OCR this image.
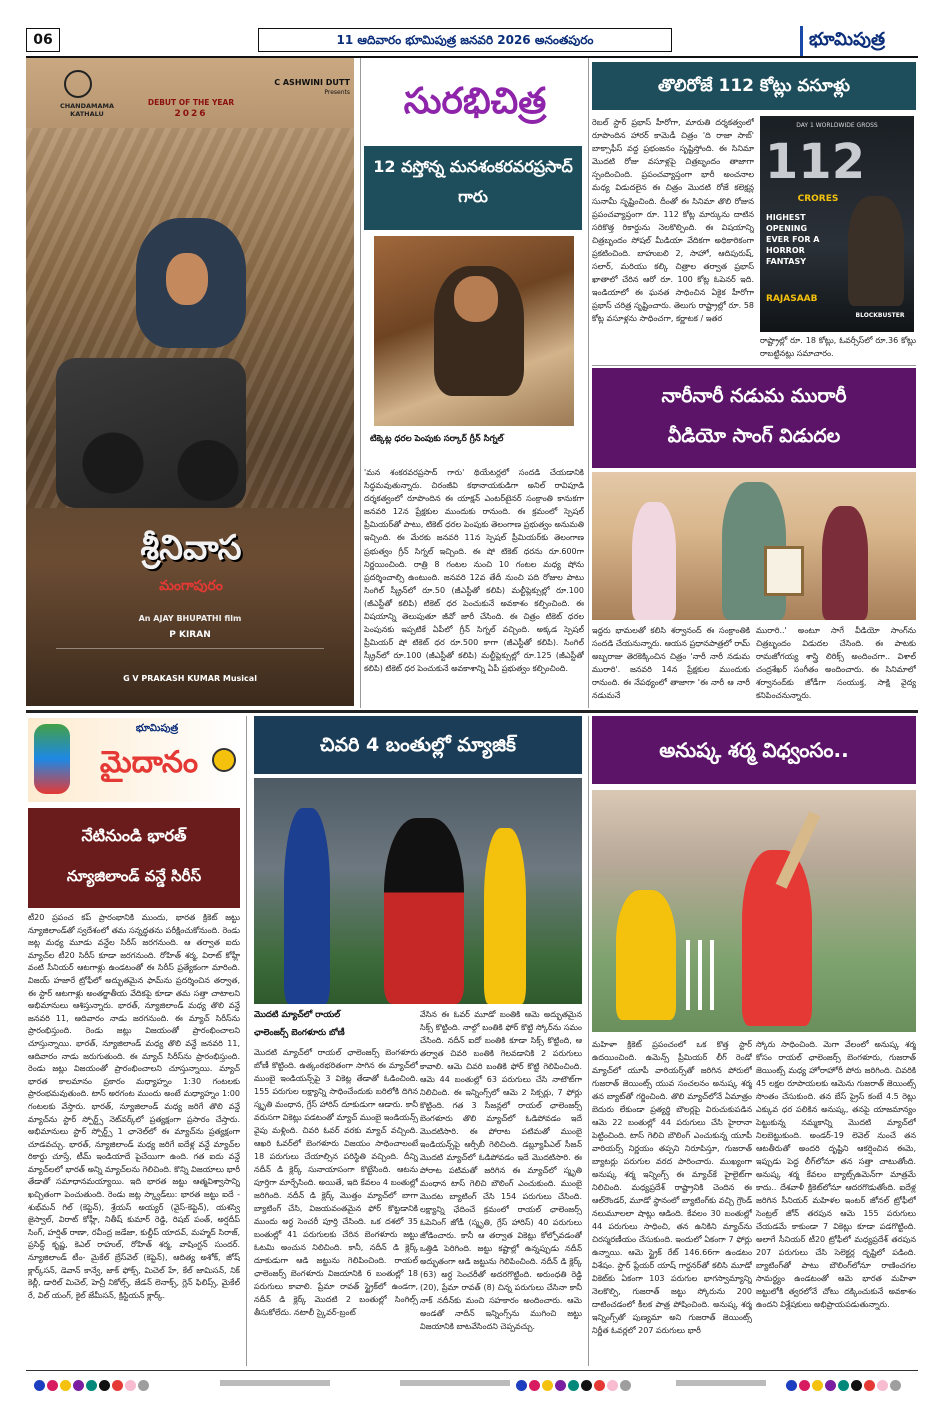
06	11 ఆదివారం భూమిపుత్ర జనవరి 2026 అనంతపురం	భూమిపుత్ర
CHANDAMAMA KATHALU
C ASHWINI DUTT
Presents
DEBUT OF THE YEAR
2026
శ్రీనివాస
మంగాపురం
An AJAY BHUPATHI film
P KIRAN
G V PRAKASH KUMAR Musical
సురభిచిత్ర
12 వస్తోన్న మనశంకరవరప్రసాద్ గారు
టిక్కెట్ల ధరల పెంపుకు సర్కార్ గ్రీన్ సిగ్నల్
'మన శంకరవరప్రసాద్ గారు' థియేటర్లలో సందడి చేయడానికి సిద్ధమవుతున్నారు. చిరంజీవి కథానాయకుడిగా అనిల్ రావిపూడి దర్శకత్వంలో రూపొందిన ఈ యాక్షన్ ఎంటర్‌టైనర్ సంక్రాంతి కానుకగా జనవరి 12న ప్రేక్షకుల ముందుకు రానుంది. ఈ క్రమంలో స్పెషల్ ప్రీమియర్‌తో పాటు, టికెట్ ధరల పెంపుకు తెలంగాణ ప్రభుత్వం అనుమతి ఇచ్చింది. ఈ మేరకు జనవరి 11న స్పెషల్ ప్రీమియర్‌కు తెలంగాణ ప్రభుత్వం గ్రీన్ సిగ్నల్ ఇచ్చింది. ఈ షో టికెట్ ధరను రూ.600గా నిర్ణయించింది. రాత్రి 8 గంటల నుంచి 10 గంటల మధ్య షోను ప్రదర్శించాల్సి ఉంటుంది. జనవరి 12వ తేదీ నుంచి పది రోజుల పాటు సింగిల్ స్క్రీన్‌లో రూ.50 (జీఎస్టీతో కలిపి) మల్టీప్లెక్సుల్లో రూ.100 (జీఎస్టీతో కలిపి) టికెట్ ధర పెంచుకునే అవకాశం కల్పించింది. ఈ విషయాన్ని తెలుపుతూ జీవో జారీ చేసింది. ఈ చిత్రం టికెట్ ధరల పెంపునకు ఇప్పటికే ఏపీలో గ్రీన్ సిగ్నల్ వచ్చింది. అక్కడ స్పెషల్ ప్రీమియర్ షో టికెట్ ధర రూ.500 కాగా (జీఎస్టీతో కలిపి). సింగిల్ స్క్రీన్‌లో రూ.100 (జీఎస్టీతో కలిపి) మల్టీప్లెక్సుల్లో రూ.125 (జీఎస్టీతో కలిపి) టికెట్ ధర పెంచుకునే అవకాశాన్ని ఏపీ ప్రభుత్వం కల్పించింది.
తొలిరోజే 112 కోట్లు వసూళ్లు
రెబల్ స్టార్ ప్రభాస్ హీరోగా, మారుతి దర్శకత్వంలో రూపొందిన హారర్ కామెడీ చిత్రం 'ది రాజా సాబ్' బాక్సాఫీస్ వద్ద ప్రభంజనం సృష్టిస్తోంది. ఈ సినిమా మొదటి రోజు వసూళ్లపై చిత్రబృందం తాజాగా స్పందించింది. ప్రపంచవ్యాప్తంగా భారీ అంచనాల మధ్య విడుదలైన ఈ చిత్రం మొదటి రోజే కలెక్షన్ల సునామీ సృష్టించింది. దీంతో ఈ సినిమా తొలి రోజున ప్రపంచవ్యాప్తంగా రూ. 112 కోట్ల మార్కును దాటిన సరికొత్త రికార్డును నెలకొల్పింది. ఈ విషయాన్ని చిత్రబృందం సోషల్ మీడియా వేదికగా అధికారికంగా ప్రకటించింది. బాహుబలి 2, సాహో, ఆదిపురుష్, సలార్, మరియు కల్కి చిత్రాల తర్వాత ప్రభాస్ ఖాతాలో చేరిన ఆరో రూ. 100 కోట్ల ఓపెనర్ ఇది. ఇండియాలో ఈ ఘనత సాధించిన ఏకైక హీరోగా ప్రభాస్ చరిత్ర సృష్టించారు. తెలుగు రాష్ట్రాల్లో రూ. 58 కోట్ల వసూళ్లను సాధించగా, కర్ణాటక / ఇతర
DAY 1 WORLDWIDE GROSS
112
CRORES
HIGHEST OPENING EVER FOR A HORROR FANTASY
RAJASAAB
BLOCKBUSTER
రాష్ట్రాల్లో రూ. 18 కోట్లు, ఓవర్సీస్‌లో రూ.36 కోట్లు రాబట్టినట్లు సమాచారం.
నారీనారీ నడుమ మురారీ
వీడియో సాంగ్ విడుదల
ఇద్దరు భామలతో కలిసి శర్వానంద్ ఈ సంక్రాంతికి సందడి చేయనున్నారు. ఆయన ప్రధానపాత్రలో రామ్ అబ్బరాజు తెరకెక్కించిన చిత్రం 'నారీ నారీ నడుమ మురారి'. జనవరి 14న ప్రేక్షకుల ముందుకు రానుంది. ఈ నేపథ్యంలో తాజాగా 'ఈ నారీ ఆ నారీ నడుమనే
మురారి..' అంటూ సాగే వీడియో సాంగ్‌ను చిత్రబృందం విడుదల చేసింది. ఈ పాటకు రామజోగయ్య శాస్త్రి లిరిక్స్ అందించగా.. విశాల్ చంద్రశేఖర్ సంగీతం అందించారు. ఈ సినిమాలో శర్వానంద్‌కు జోడీగా సంయుక్త, సాక్షి వైద్య కనిపించనున్నారు.
భూమిపుత్ర
మైదానం
నేటినుండి భారత్
న్యూజిలాండ్ వన్డే సిరీస్
టీ20 ప్రపంచ కప్ ప్రారంభానికి ముందు, భారత క్రికెట్ జట్టు న్యూజిలాండ్‌తో స్వదేశంలో తమ సన్నద్ధతను పరీక్షించుకోనుంది. రెండు జట్ల మధ్య మూడు వన్డేల సిరీస్ జరగనుంది. ఆ తర్వాత ఐదు మ్యాచ్‌ల టీ20 సిరీస్ కూడా జరగనుంది. రోహిత్ శర్మ, విరాట్ కోహ్లీ వంటి సీనియర్ ఆటగాళ్లు ఉండటంతో ఈ సిరీస్ ప్రత్యేకంగా మారింది. విజయ్ హజారే ట్రోఫీలో అద్భుతమైన ఫామ్‌ను ప్రదర్శించిన తర్వాత, ఈ స్టార్ ఆటగాళ్లు అంతర్జాతీయ వేదికపై కూడా తమ సత్తా చాటాలని అభిమానులు ఆశిస్తున్నారు. భారత్, న్యూజిలాండ్ మధ్య తొలి వన్డే జనవరి 11, ఆదివారం నాడు జరగనుంది. ఈ మ్యాచ్ సిరీస్‌ను ప్రారంభిస్తుంది. రెండు జట్లు విజయంతో ప్రారంభించాలని చూస్తున్నాయి. భారత్, న్యూజిలాండ్ మధ్య తొలి వన్డే జనవరి 11, ఆదివారం నాడు జరుగుతుంది. ఈ మ్యాచ్ సిరీస్‌ను ప్రారంభిస్తుంది. రెండు జట్లు విజయంతో ప్రారంభించాలని చూస్తున్నాయి. మ్యాచ్ భారత కాలమానం ప్రకారం మధ్యాహ్నం 1:30 గంటలకు ప్రారంభమవుతుంది. టాస్ అరగంట ముందు అంటే మధ్యాహ్నం 1:00 గంటలకు వేస్తారు. భారత్, న్యూజిలాండ్ మధ్య జరిగే తొలి వన్డే మ్యాచ్‌ను స్టార్ స్పోర్ట్స్ నెట్‌వర్క్‌లో ప్రత్యక్షంగా ప్రసారం చేస్తారు. అభిమానులు స్టార్ స్పోర్ట్స్ 1 ఛానెల్‌లో ఈ మ్యాచ్‌ను ప్రత్యక్షంగా చూడవచ్చు. భారత్, న్యూజిలాండ్ మధ్య జరిగే ఐదేళ్ల వన్డే మ్యాచ్‌ల రికార్డు చూస్తే, టీమ్ ఇండియాదే పైచేయిగా ఉంది. గత ఐదు వన్డే మ్యాచ్‌లలో భారత్ అన్ని మ్యాచ్‌లను గెలిచింది. కొన్ని విజయాలు భారీ తేడాతో సమాధానమయ్యాయి. ఇది భారత జట్టు ఆత్మవిశ్వాసాన్ని ఖచ్చితంగా పెంచుతుంది. రెండు జట్ల స్క్వాడ్‌లు: భారత జట్టు ఐదే - శుభ్‌మన్ గిల్ (కెప్టెన్), శ్రేయస్ అయ్యర్ (వైస్-కెప్టెన్), యశస్వి జైస్వాల్, విరాట్ కోహ్లీ, నితీష్ కుమార్ రెడ్డి, రిషబ్ పంత్, అర్షదీప్ సింగ్, హర్షిత్ రాణా, రవీంద్ర జడేజా, కుల్దీప్ యాదవ్, మహ్మద్ సిరాజ్, ప్రసిద్ధ్ కృష్ణ, కెఎల్ రాహుల్, రోహిత్ శర్మ, వాషింగ్టన్ సుందర్. న్యూజిలాండ్ టీం- మైకేల్ బ్రేస్‌వెల్ (కెప్టెన్), ఆదిత్య అశోక్, జోష్ క్లార్క్‌సన్, డెవాన్ కాన్వే, జాక్ ఫోక్స్, మిచెల్ హే, కేల్ జామిసన్, నిక్ కెల్లీ, డారిల్ మిచెల్, హెన్రీ నికోల్స్, జేడన్ లెనాక్స్, గ్లెన్ ఫిలిప్స్, మైకేల్ రే, విల్ యంగ్, కైల్ జేమీసన్, క్రిస్టియన్ క్లార్క్.
చివరి 4 బంతుల్లో మ్యాజిక్
మొదటి మ్యాచ్‌లో రాయల్
ఛాలెంజర్స్ బెంగళూరు బోణీ
మొదటి మ్యాచ్‌లో రాయల్ ఛాలెంజర్స్ బెంగళూరు బోణీ కొట్టింది. ఉత్కంఠభరితంగా సాగిన ఈ మ్యాచ్‌లో ముంబై ఇండియన్స్‌పై 3 వికెట్ల తేడాతో ఓడించింది. 155 పరుగుల లక్ష్యాన్ని సాధించేందుకు బరిలోకి దిగిన స్మృతి మంధాన, గ్రేస్ హారిస్ దూకుడుగా ఆడారు. కానీ వరుసగా వికెట్లు పడటంతో మ్యాచ్ ముంబై ఇండియన్స్ వైపు మళ్లింది. చివరి ఓవర్ వరకు మ్యాచ్ వచ్చింది. ఆఖరి ఓవర్‌లో బెంగళూరు విజయం సాధించాలంటే 18 పరుగులు చేయాల్సిన పరిస్థితి వచ్చింది. దీన్ని నదీన్ డి క్లెర్క్ సునాయాసంగా కొట్టేసింది. ఆటను పూర్తిగా మార్చేసింది. అయితే, ఇది కేవలం 4 బంతుల్లో జరిగింది. నదీన్ డి క్లెర్క్ మొత్తం మ్యాచ్‌లో బాగా బ్యాటింగ్ చేసి, విజయవంతమైన ఫోర్ కొట్టడానికి ముందు అర్ధ సెంచరీ పూర్తి చేసింది. ఒక దశలో 35 బంతుల్లో 41 పరుగులకు చేరిన బెంగళూరు జట్టు ఓటమి అంచున నిలిచింది. కానీ, నదీన్ డి క్లెర్క్ దూకుడుగా ఆడి జట్టును గెలిపించింది. రాయల్ ఛాలెంజర్స్ బెంగళూరు విజయానికి 6 బంతుల్లో 18 పరుగులు కావాలి. ప్రేమా రావత్ స్ట్రైక్‌లో ఉండగా, నదీన్ డి క్లెర్క్ మొదటి 2 బంతుల్లో సింగిల్స్ తీసుకోలేదు. నటాలీ స్కైవర్-బ్రంట్
వేసిన ఈ ఓవర్ మూడో బంతికి ఆమె అద్భుతమైన సిక్స్ కొట్టింది. నాల్గో బంతికి ఫోర్ కొట్టి స్కోర్‌ను సమం చేసింది. నదీన్ ఐదో బంతికి కూడా సిక్స్ కొట్టింది, ఆ తర్వాత చివరి బంతికి గెలవడానికి 2 పరుగులు కావాలి. ఆమె చివరి బంతికి ఫోర్ కొట్టి గెలిపించింది. ఆమె 44 బంతుల్లో 63 పరుగులు చేసి నాటౌట్‌గా నిలిచింది. ఈ ఇన్నింగ్స్‌లో ఆమె 2 సిక్సర్లు, 7 ఫోర్లు కొట్టింది. గత 3 సీజన్లలో రాయల్ ఛాలెంజర్స్ బెంగళూరు తొలి మ్యాచ్‌లో ఓడిపోవడం ఇదే మొదటిసారి. ఈ పోరాట పటిమతో ముంబై ఇండియన్స్‌పై ఆర్సీబీ గెలిచింది. డబ్ల్యూపీఎల్ సీజన్ మొదటి మ్యాచ్‌లో ఓడిపోవడం ఇదే మొదటిసారి. ఈ పోరాట పటిమతో జరిగిన ఈ మ్యాచ్‌లో స్మృతి మంధాన టాస్ గెలిచి బౌలింగ్ ఎంచుకుంది. ముంబై మొదట బ్యాటింగ్ చేసి 154 పరుగులు చేసింది. లక్ష్యాన్ని ఛేదించే క్రమంలో రాయల్ ఛాలెంజర్స్ ఓపెనింగ్ జోడీ (స్మృతి, గ్రేస్ హారిస్) 40 పరుగులు జోడించారు. కానీ ఆ తర్వాత వికెట్లు కోల్పోవడంతో ఒత్తిడి పెరిగింది. జట్టు కష్టాల్లో ఉన్నప్పుడు నదీన్ అద్భుతంగా ఆడి జట్టును గెలిపించింది. నదీన్ డి క్లెర్క్ (63) అర్ధ సెంచరీతో అదరగొట్టింది. అరుంధతి రెడ్డి (20), ప్రేమా రావత్ (8) చిన్న పరుగులు చేసినా కానీ నాక్ నదీన్‌కు మంచి సహకారం అందించారు. ఆమె అండతో నాదీన్ ఇన్నింగ్స్‌ను ముగించి జట్టు విజయానికి బాటవేసిందని చెప్పవచ్చు.
అనుష్క శర్మ విధ్వంసం..
మహిళా క్రికెట్ ప్రపంచంలో ఒక కొత్త స్టార్ ఉదయించింది. ఉమెన్స్ ప్రీమియర్ లీగ్ రెండో మ్యాచ్‌లో యూపీ వారియర్స్‌తో జరిగిన పోరులో గుజరాత్ జెయింట్స్ యువ సంచలనం అనుష్క శర్మ తన బ్యాట్‌తో గర్జించింది. తొలి మ్యాచ్‌లోనే ఏమాత్రం బెదురు లేకుండా ప్రత్యర్థి బౌలర్లపై విరుచుకుపడిన ఆమె 22 బంతుల్లో 44 పరుగులు చేసి హైరానా పెట్టించింది. టాస్ గెలిచి బౌలింగ్ ఎంచుకున్న యూపీ వారియర్స్ నిర్ణయం తప్పని నిరూపిస్తూ, గుజరాత్ బ్యాటర్లు పరుగుల వరద పారించారు. ముఖ్యంగా అనుష్క శర్మ ఇన్నింగ్స్ ఈ మ్యాచ్‌కే హైలైట్‌గా నిలిచింది. మధ్యప్రదేశ్ రాష్ట్రానికి చెందిన ఈ ఆల్‌రౌండర్, మూడో స్థానంలో బ్యాటింగ్‌కు వచ్చి గ్రౌండ్ నలుమూలలా షాట్లు ఆడింది. కేవలం 30 బంతుల్లో 44 పరుగులు సాధించి, తన ఉనికిని మ్యాచ్‌ను చిరస్మరణీయం చేసుకుంది. ఇందులో ఏకంగా 7 ఫోర్లు ఉన్నాయి. ఆమె స్ట్రైక్ రేట్ 146.66గా ఉండటం విశేషం. స్టార్ ప్లేయర్ యాష్ గార్డనర్‌తో కలిసి మూడో వికెట్‌కు ఏకంగా 103 పరుగుల భాగస్వామ్యాన్ని నెలకొల్పి, గుజరాత్ జట్టు స్కోరును 200 దాటించడంలో కీలక పాత్ర పోషించింది. అనుష్క శర్మ ఇన్నింగ్స్‌తో పుణ్యమా అని గుజరాత్ జెయింట్స్ నిర్ణీత ఓవర్లలో 207 పరుగులు భారీ
స్కోరు సాధించింది. మెగా వేలంలో అనుష్క శర్మ కోసం రాయల్ ఛాలెంజర్స్ బెంగళూరు, గుజరాత్ జెయింట్స్ మధ్య హోరాహోరీ పోరు జరిగింది. చివరికి 45 లక్షల రూపాయలకు ఆమెను గుజరాత్ జెయింట్స్ సొంతం చేసుకుంది. తన బేస్ ప్రైస్ కంటే 4.5 రెట్లు ఎక్కువ ధర పలికిన అనుష్క, తనపై యాజమాన్యం పెట్టుకున్న నమ్మకాన్ని మొదటి మ్యాచ్‌లో నిలబెట్టుకుంది. అండర్-19 లెవెల్ నుంచే తన ఆటతీరుతో అందరి దృష్టిని ఆకర్షించిన ఈమె, ఇప్పుడు పెద్ద లీగ్‌లోనూ తన సత్తా చాటుతోంది. అనుష్క శర్మ కేవలం బ్యాట్స్‌ఉమెన్‌గా మాత్రమే కాదు.. దేశవాళీ క్రికెట్‌లోనూ ఆదరగొడుతోంది. ఐదేళ్ల జరిగిన సీనియర్ మహిళల ఇంటర్ జోనల్ ట్రోఫీలో సెంట్రల్ జోన్ తరపున ఆమె 155 పరుగులు చేయడమే కాకుండా 7 వికెట్లు కూడా పడగొట్టింది. అలాగే సీనియర్ టీ20 ట్రోఫీలో మధ్యప్రదేశ్ తరపున 207 పరుగులు చేసి సెలెక్టర్ల దృష్టిలో పడింది. బ్యాటింగ్‌తో పాటు బౌలింగ్‌లోనూ రాణించగల సామర్థ్యం ఉండటంతో ఆమె భారత మహిళా జట్టులోకి త్వరలోనే చోటు దక్కించుకునే అవకాశం ఉందని విశ్లేషకులు అభిప్రాయపడుతున్నారు.
